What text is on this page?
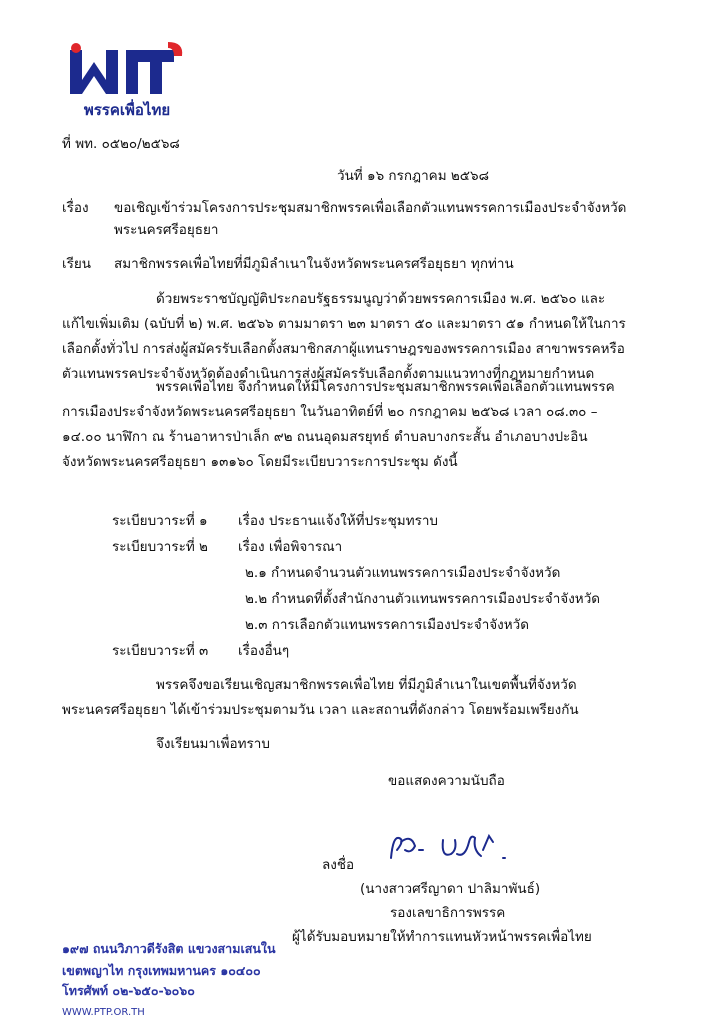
พรรคเพื่อไทย
ที่ พท. ๐๕๒๐/๒๕๖๘
วันที่ ๑๖ กรกฎาคม ๒๕๖๘
เรื่อง ขอเชิญเข้าร่วมโครงการประชุมสมาชิกพรรคเพื่อเลือกตัวแทนพรรคการเมืองประจำจังหวัด
พระนครศรีอยุธยา
เรียน สมาชิกพรรคเพื่อไทยที่มีภูมิลำเนาในจังหวัดพระนครศรีอยุธยา ทุกท่าน
ด้วยพระราชบัญญัติประกอบรัฐธรรมนูญว่าด้วยพรรคการเมือง พ.ศ. ๒๕๖๐ และ
แก้ไขเพิ่มเติม (ฉบับที่ ๒) พ.ศ. ๒๕๖๖ ตามมาตรา ๒๓ มาตรา ๕๐ และมาตรา ๕๑ กำหนดให้ในการ
เลือกตั้งทั่วไป การส่งผู้สมัครรับเลือกตั้งสมาชิกสภาผู้แทนราษฎรของพรรคการเมือง สาขาพรรคหรือ
ตัวแทนพรรคประจำจังหวัดต้องดำเนินการส่งผู้สมัครรับเลือกตั้งตามแนวทางที่กฎหมายกำหนด
พรรคเพื่อไทย จึงกำหนดให้มีโครงการประชุมสมาชิกพรรคเพื่อเลือกตัวแทนพรรค
การเมืองประจำจังหวัดพระนครศรีอยุธยา ในวันอาทิตย์ที่ ๒๐ กรกฎาคม ๒๕๖๘ เวลา ๐๘.๓๐ –
๑๔.๐๐ นาฬิกา ณ ร้านอาหารป่าเล็ก ๙๒ ถนนอุดมสรยุทธ์ ตำบลบางกระสั้น อำเภอบางปะอิน
จังหวัดพระนครศรีอยุธยา ๑๓๑๖๐ โดยมีระเบียบวาระการประชุม ดังนี้
ระเบียบวาระที่ ๑ เรื่อง ประธานแจ้งให้ที่ประชุมทราบ
ระเบียบวาระที่ ๒ เรื่อง เพื่อพิจารณา
๒.๑ กำหนดจำนวนตัวแทนพรรคการเมืองประจำจังหวัด
๒.๒ กำหนดที่ตั้งสำนักงานตัวแทนพรรคการเมืองประจำจังหวัด
๒.๓ การเลือกตัวแทนพรรคการเมืองประจำจังหวัด
ระเบียบวาระที่ ๓ เรื่องอื่นๆ
พรรคจึงขอเรียนเชิญสมาชิกพรรคเพื่อไทย ที่มีภูมิลำเนาในเขตพื้นที่จังหวัด
พระนครศรีอยุธยา ได้เข้าร่วมประชุมตามวัน เวลา และสถานที่ดังกล่าว โดยพร้อมเพรียงกัน
จึงเรียนมาเพื่อทราบ
ขอแสดงความนับถือ
ลงชื่อ
(นางสาวศรีญาดา ปาลิมาพันธ์)
รองเลขาธิการพรรค
ผู้ได้รับมอบหมายให้ทำการแทนหัวหน้าพรรคเพื่อไทย
๑๙๗ ถนนวิภาวดีรังสิต แขวงสามเสนใน
เขตพญาไท กรุงเทพมหานคร ๑๐๔๐๐
โทรศัพท์ ๐๒-๖๕๐-๖๐๖๐
WWW.PTP.OR.TH
